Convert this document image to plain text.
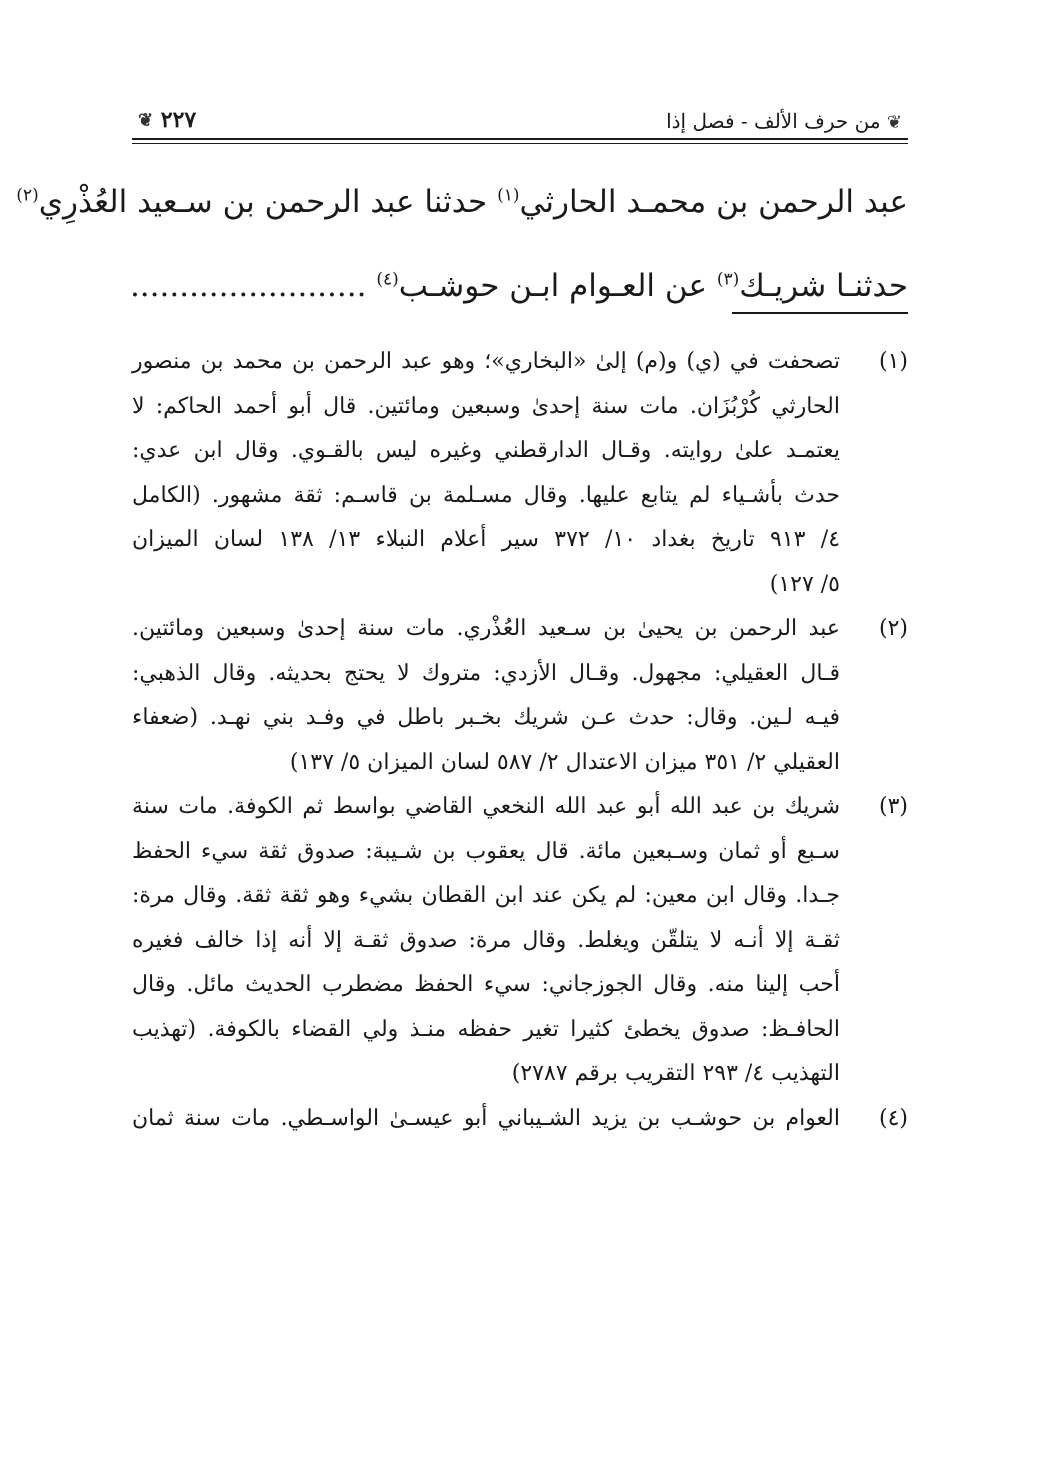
❦ من حرف الألف - فصل إذا
٢٢٧ ❦
عبد الرحمن بن محمـد الحارثي$^{(١)}$ حدثنا عبد الرحمن بن سـعيد العُذْرِي$^{(٢)}$
حدثنـا شريـك$^{(٣)}$ عن العـوام ابـن حوشـب$^{(٤)}$ ........................
(١)
تصحفت في (ي) و(م) إلىٰ «البخاري»؛ وهو عبد الرحمن بن محمد بن منصور
الحارثي كُرْبُزَان. مات سنة إحدىٰ وسبعين ومائتين. قال أبو أحمد الحاكم: لا
يعتمـد علىٰ روايته. وقـال الدارقطني وغيره ليس بالقـوي. وقال ابن عدي:
حدث بأشـياء لم يتابع عليها. وقال مسـلمة بن قاسـم: ثقة مشهور. (الكامل
٤/ ٩١٣ تاريخ بغداد ١٠/ ٣٧٢ سير أعلام النبلاء ١٣/ ١٣٨ لسان الميزان
٥/ ١٢٧)
(٢)
عبد الرحمن بن يحيىٰ بن سـعيد العُذْري. مات سنة إحدىٰ وسبعين ومائتين.
قـال العقيلي: مجهول. وقـال الأزدي: متروك لا يحتج بحديثه. وقال الذهبي:
فيـه لـين. وقال: حدث عـن شريك بخـبر باطل في وفـد بني نهـد. (ضعفاء
العقيلي ٢/ ٣٥١ ميزان الاعتدال ٢/ ٥٨٧ لسان الميزان ٥/ ١٣٧)
(٣)
شريك بن عبد الله أبو عبد الله النخعي القاضي بواسط ثم الكوفة. مات سنة
سـبع أو ثمان وسـبعين مائة. قال يعقوب بن شـيبة: صدوق ثقة سيء الحفظ
جـدا. وقال ابن معين: لم يكن عند ابن القطان بشيء وهو ثقة ثقة. وقال مرة:
ثقـة إلا أنـه لا يتلقّن ويغلط. وقال مرة: صدوق ثقـة إلا أنه إذا خالف فغيره
أحب إلينا منه. وقال الجوزجاني: سيء الحفظ مضطرب الحديث مائل. وقال
الحافـظ: صدوق يخطئ كثيرا تغير حفظه منـذ ولي القضاء بالكوفة. (تهذيب
التهذيب ٤/ ٢٩٣ التقريب برقم ٢٧٨٧)
(٤)
العوام بن حوشـب بن يزيد الشـيباني أبو عيسـىٰ الواسـطي. مات سنة ثمان
